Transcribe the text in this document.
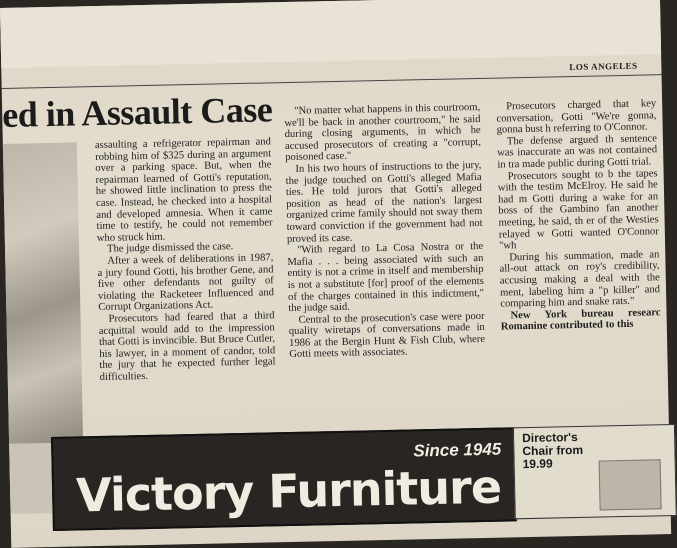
LOS ANGELES
ed in Assault Case

assaulting a refrigerator repairman and robbing him of $325 during an argument over a parking space. But, when the repairman learned of Gotti's reputation, he showed little inclination to press the case. Instead, he checked into a hospital and developed amnesia. When it came time to testify, he could not remember who struck him.

The judge dismissed the case.

After a week of deliberations in 1987, a jury found Gotti, his brother Gene, and five other defendants not guilty of violating the Racketeer Influenced and Corrupt Organizations Act.

Prosecutors had feared that a third acquittal would add to the impression that Gotti is invincible. But Bruce Cutler, his lawyer, in a moment of candor, told the jury that he expected further legal difficulties.

"No matter what happens in this courtroom, we'll be back in another courtroom," he said during closing arguments, in which he accused prosecutors of creating a "corrupt, poisoned case."

In his two hours of instructions to the jury, the judge touched on Gotti's alleged Mafia ties. He told jurors that Gotti's alleged position as head of the nation's largest organized crime family should not sway them toward conviction if the government had not proved its case.

"With regard to La Cosa Nostra or the Mafia . . . being associated with such an entity is not a crime in itself and membership is not a substitute [for] proof of the elements of the charges contained in this indictment," the judge said.

Central to the prosecution's case were poor quality wiretaps of conversations made in 1986 at the Bergin Hunt & Fish Club, where Gotti meets with associates.

Prosecutors charged that key conversation, Gotti "We're gonna, gonna bust h referring to O'Connor.

The defense argued th sentence was inaccurate an was not contained in tra made public during Gotti trial.

Prosecutors sought to b the tapes with the testim McElroy. He said he had m Gotti during a wake for an boss of the Gambino fan another meeting, he said, th er of the Westies relayed w Gotti wanted O'Connor "wh

During his summation, made an all-out attack on roy's credibility, accusing making a deal with the ment, labeling him a "p killer" and comparing him and snake rats."

New York bureau researc Romanine contributed to this

Since 1945
Victory Furniture
Director's Chair from 19.99
